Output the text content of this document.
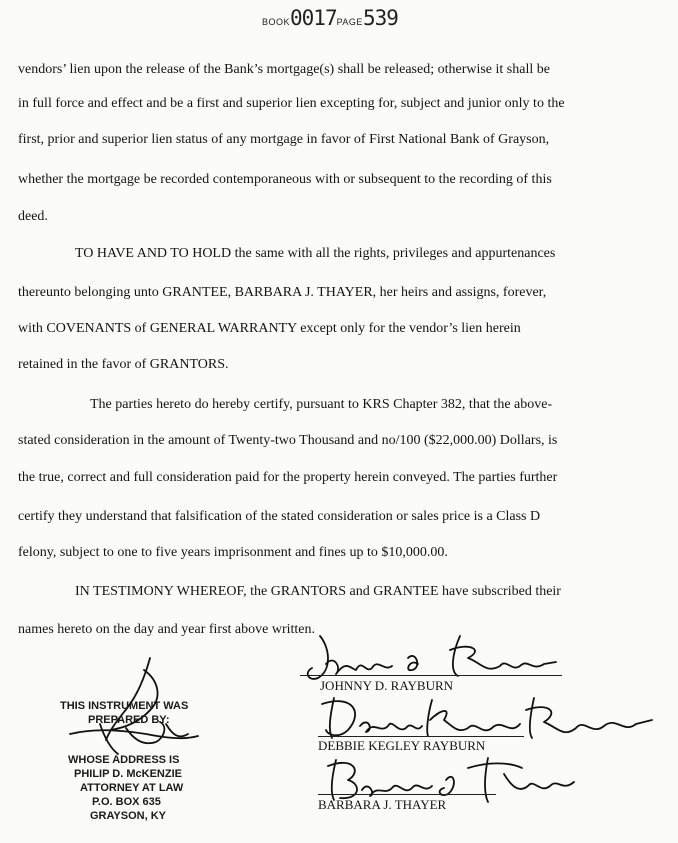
BOOK0017PAGE539
vendors’ lien upon the release of the Bank’s mortgage(s) shall be released; otherwise it shall be
in full force and effect and be a first and superior lien excepting for, subject and junior only to the
first, prior and superior lien status of any mortgage in favor of First National Bank of Grayson,
whether the mortgage be recorded contemporaneous with or subsequent to the recording of this
deed.
TO HAVE AND TO HOLD the same with all the rights, privileges and appurtenances
thereunto belonging unto GRANTEE, BARBARA J. THAYER, her heirs and assigns, forever,
with COVENANTS of GENERAL WARRANTY except only for the vendor’s lien herein
retained in the favor of GRANTORS.
The parties hereto do hereby certify, pursuant to KRS Chapter 382, that the above-
stated consideration in the amount of Twenty-two Thousand and no/100 ($22,000.00) Dollars, is
the true, correct and full consideration paid for the property herein conveyed. The parties further
certify they understand that falsification of the stated consideration or sales price is a Class D
felony, subject to one to five years imprisonment and fines up to $10,000.00.
IN TESTIMONY WHEREOF, the GRANTORS and GRANTEE have subscribed their
names hereto on the day and year first above written.
JOHNNY D. RAYBURN
DEBBIE KEGLEY RAYBURN
BARBARA J. THAYER
THIS INSTRUMENT WAS
PREPARED BY:
WHOSE ADDRESS IS
PHILIP D. McKENZIE
ATTORNEY AT LAW
P.O. BOX 635
GRAYSON, KY
